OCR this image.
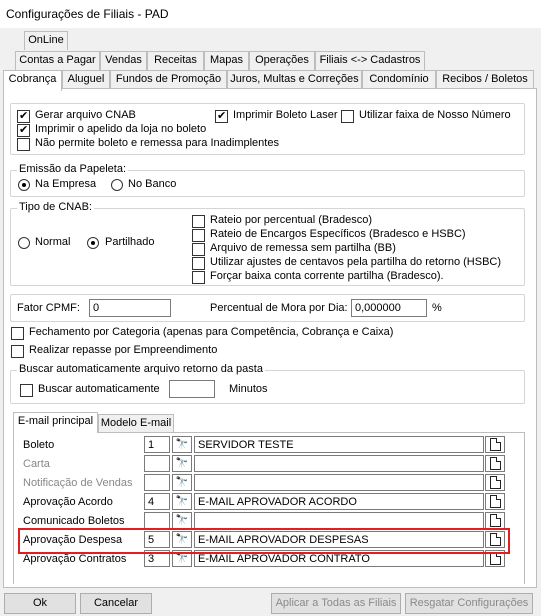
Configurações de Filiais - PAD
OnLine
Contas a Pagar Vendas	Receitas	Mapas	Operações Filiais <-> Cadastros
Cobrança	Aluguel	Fundos de Promoção Juros, Multas e Correções Condomínio	Recibos / Boletos
✔
Gerar arquivo CNAB
✔	Imprimir Boleto Laser Utilizar faixa de Nosso Número
✔
Imprimir o apelido da loja no boleto
Não permite boleto e remessa para Inadimplentes
Emissão da Papeleta:
Na Empresa	No Banco
Tipo de CNAB:
Normal	Partilhado
Rateio por percentual (Bradesco)
Rateio de Encargos Específicos (Bradesco e HSBC)
Arquivo de remessa sem partilha (BB)
Utilizar ajustes de centavos pela partilha do retorno (HSBC)
Forçar baixa conta corrente partilha (Bradesco).
Fator CPMF:	0	Percentual de Mora por Dia: 0,000000	%
Fechamento por Categoria (apenas para Competência, Cobrança e Caixa)
Realizar repasse por Empreendimento
Buscar automaticamente arquivo retorno da pasta
Buscar automaticamente	Minutos
E-mail principal Modelo E-mail
Boleto	1	🔭 SERVIDOR TESTE
Carta	🔭
Notificação de Vendas	🔭
Aprovação Acordo	4	🔭 E-MAIL APROVADOR ACORDO
Comunicado Boletos	🔭
Aprovação Despesa	5	🔭 E-MAIL APROVADOR DESPESAS
Aprovação Contratos	3	🔭 E-MAIL APROVADOR CONTRATO
Ok	Cancelar	Aplicar a Todas as Filiais	Resgatar Configurações
